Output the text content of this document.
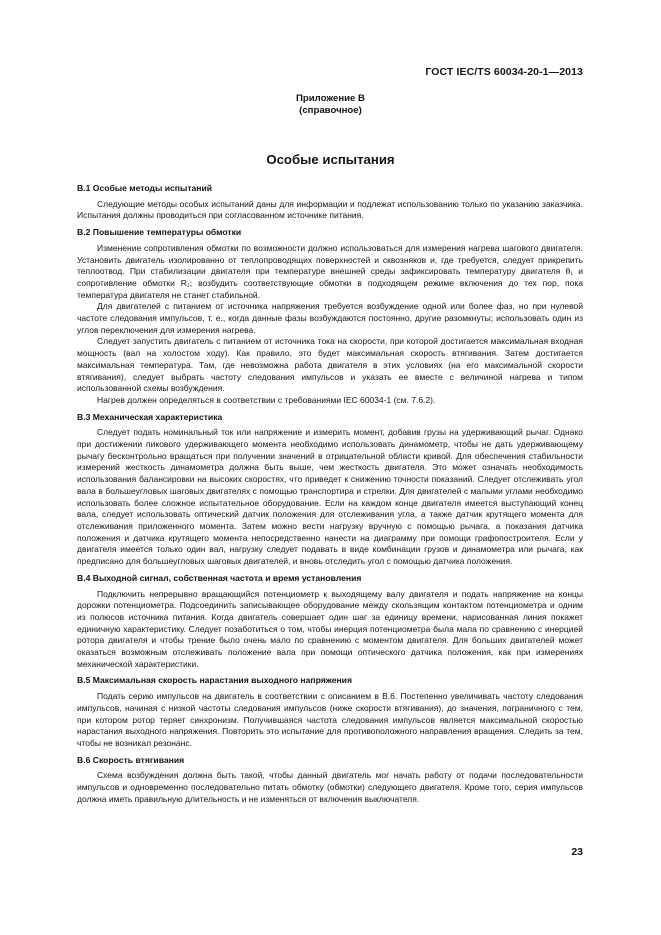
ГОСТ IEC/TS 60034-20-1—2013
Приложение В
(справочное)
Особые испытания
В.1 Особые методы испытаний

Следующие методы особых испытаний даны для информации и подлежат использованию только по указанию заказчика. Испытания должны проводиться при согласованном источнике питания.

В.2 Повышение температуры обмотки

Изменение сопротивления обмотки по возможности должно использоваться для измерения нагрева шагового двигателя. Установить двигатель изолированно от теплопроводящих поверхностей и сквозняков и, где требуется, следует прикрепить теплоотвод. При стабилизации двигателя при температуре внешней среды зафиксировать температуру двигателя θ₁ и сопротивление обмотки R₁; возбудить соответствующие обмотки в подходящем режиме включения до тех пор, пока температура двигателя не станет стабильной.

Для двигателей с питанием от источника напряжения требуется возбуждение одной или более фаз, но при нулевой частоте следования импульсов, т. е., когда данные фазы возбуждаются постоянно, другие разомкнуты; использовать один из углов переключения для измерения нагрева.

Следует запустить двигатель с питанием от источника тока на скорости, при которой достигается максимальная входная мощность (вал на холостом ходу). Как правило, это будет максимальная скорость втягивания. Затем достигается максимальная температура. Там, где невозможна работа двигателя в этих условиях (на его максимальной скорости втягивания), следует выбрать частоту следования импульсов и указать ее вместе с величиной нагрева и типом использованной схемы возбуждения.

Нагрев должен определяться в соответствии с требованиями IEC 60034-1 (см. 7.6.2).

В.3 Механическая характеристика

Следует подать номинальный ток или напряжение и измерить момент, добавив грузы на удерживающий рычаг. Однако при достижении пикового удерживающего момента необходимо использовать динамометр, чтобы не дать удерживающему рычагу бесконтрольно вращаться при получении значений в отрицательной области кривой. Для обеспечения стабильности измерений жесткость динамометра должна быть выше, чем жесткость двигателя. Это может означать необходимость использования балансировки на высоких скоростях, что приведет к снижению точности показаний. Следует отслеживать угол вала в большеугловых шаговых двигателях с помощью транспортира и стрелки. Для двигателей с малыми углами необходимо использовать более сложное испытательное оборудование. Если на каждом конце двигателя имеется выступающий конец вала, следует использовать оптический датчик положения для отслеживания угла, а также датчик крутящего момента для отслеживания приложенного момента. Затем можно вести нагрузку вручную с помощью рычага, а показания датчика положения и датчика крутящего момента непосредственно нанести на диаграмму при помощи графопостроителя. Если у двигателя имеется только один вал, нагрузку следует подавать в виде комбинации грузов и динамометра или рычага, как предписано для большеугловых шаговых двигателей, и вновь отследить угол с помощью датчика положения.

В.4 Выходной сигнал, собственная частота и время установления

Подключить непрерывно вращающийся потенциометр к выходящему валу двигателя и подать напряжение на концы дорожки потенциометра. Подсоединить записывающее оборудование между скользящим контактом потенциометра и одним из полюсов источника питания. Когда двигатель совершает один шаг за единицу времени, нарисованная линия покажет единичную характеристику. Следует позаботиться о том, чтобы инерция потенциометра была мала по сравнению с инерцией ротора двигателя и чтобы трение было очень мало по сравнению с моментом двигателя. Для больших двигателей может оказаться возможным отслеживать положение вала при помощи оптического датчика положения, как при измерениях механической характеристики.

В.5 Максимальная скорость нарастания выходного напряжения

Подать серию импульсов на двигатель в соответствии с описанием в В.6. Постепенно увеличивать частоту следования импульсов, начиная с низкой частоты следования импульсов (ниже скорости втягивания), до значения, пограничного с тем, при котором ротор теряет синхронизм. Получившаяся частота следования импульсов является максимальной скоростью нарастания выходного напряжения. Повторить это испытание для противоположного направления вращения. Следить за тем, чтобы не возникал резонанс.

В.6 Скорость втягивания

Схема возбуждения должна быть такой, чтобы данный двигатель мог начать работу от подачи последовательности импульсов и одновременно последовательно питать обмотку (обмотки) следующего двигателя. Кроме того, серия импульсов должна иметь правильную длительность и не изменяться от включения выключателя.

23
